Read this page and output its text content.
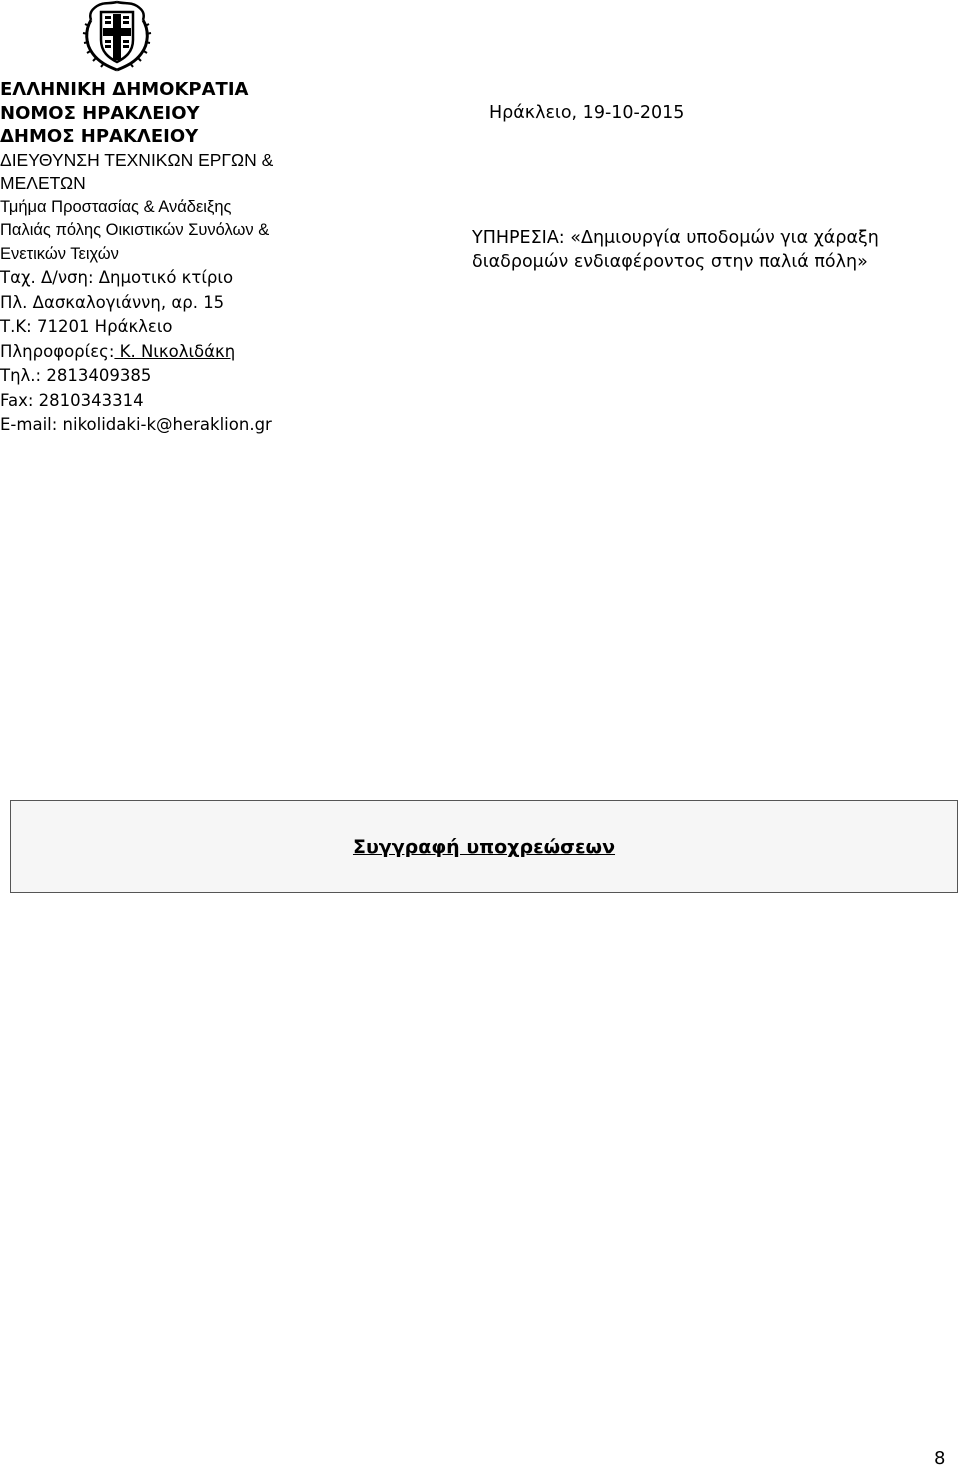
ΕΛΛΗΝΙΚΗ ΔΗΜΟΚΡΑΤΙΑ
ΝΟΜΟΣ ΗΡΑΚΛΕΙΟΥ
ΔΗΜΟΣ ΗΡΑΚΛΕΙΟΥ
ΔΙΕΥΘΥΝΣΗ ΤΕΧΝΙΚΩΝ ΕΡΓΩΝ &
ΜΕΛΕΤΩΝ
Τμήμα Προστασίας & Ανάδειξης
Παλιάς πόλης Οικιστικών Συνόλων &
Ενετικών Τειχών
Ταχ. Δ/νση: Δημοτικό κτίριο
Πλ. Δασκαλογιάννη, αρ. 15
Τ.Κ: 71201 Ηράκλειο
Πληροφορίες: Κ. Νικολιδάκη
Τηλ.: 2813409385
Fax: 2810343314
E-mail: nikolidaki-k@heraklion.gr
Ηράκλειο, 19-10-2015
ΥΠΗΡΕΣΙΑ: «Δημιουργία υποδομών για χάραξη διαδρομών ενδιαφέροντος στην παλιά πόλη»
Συγγραφή υποχρεώσεων
8
